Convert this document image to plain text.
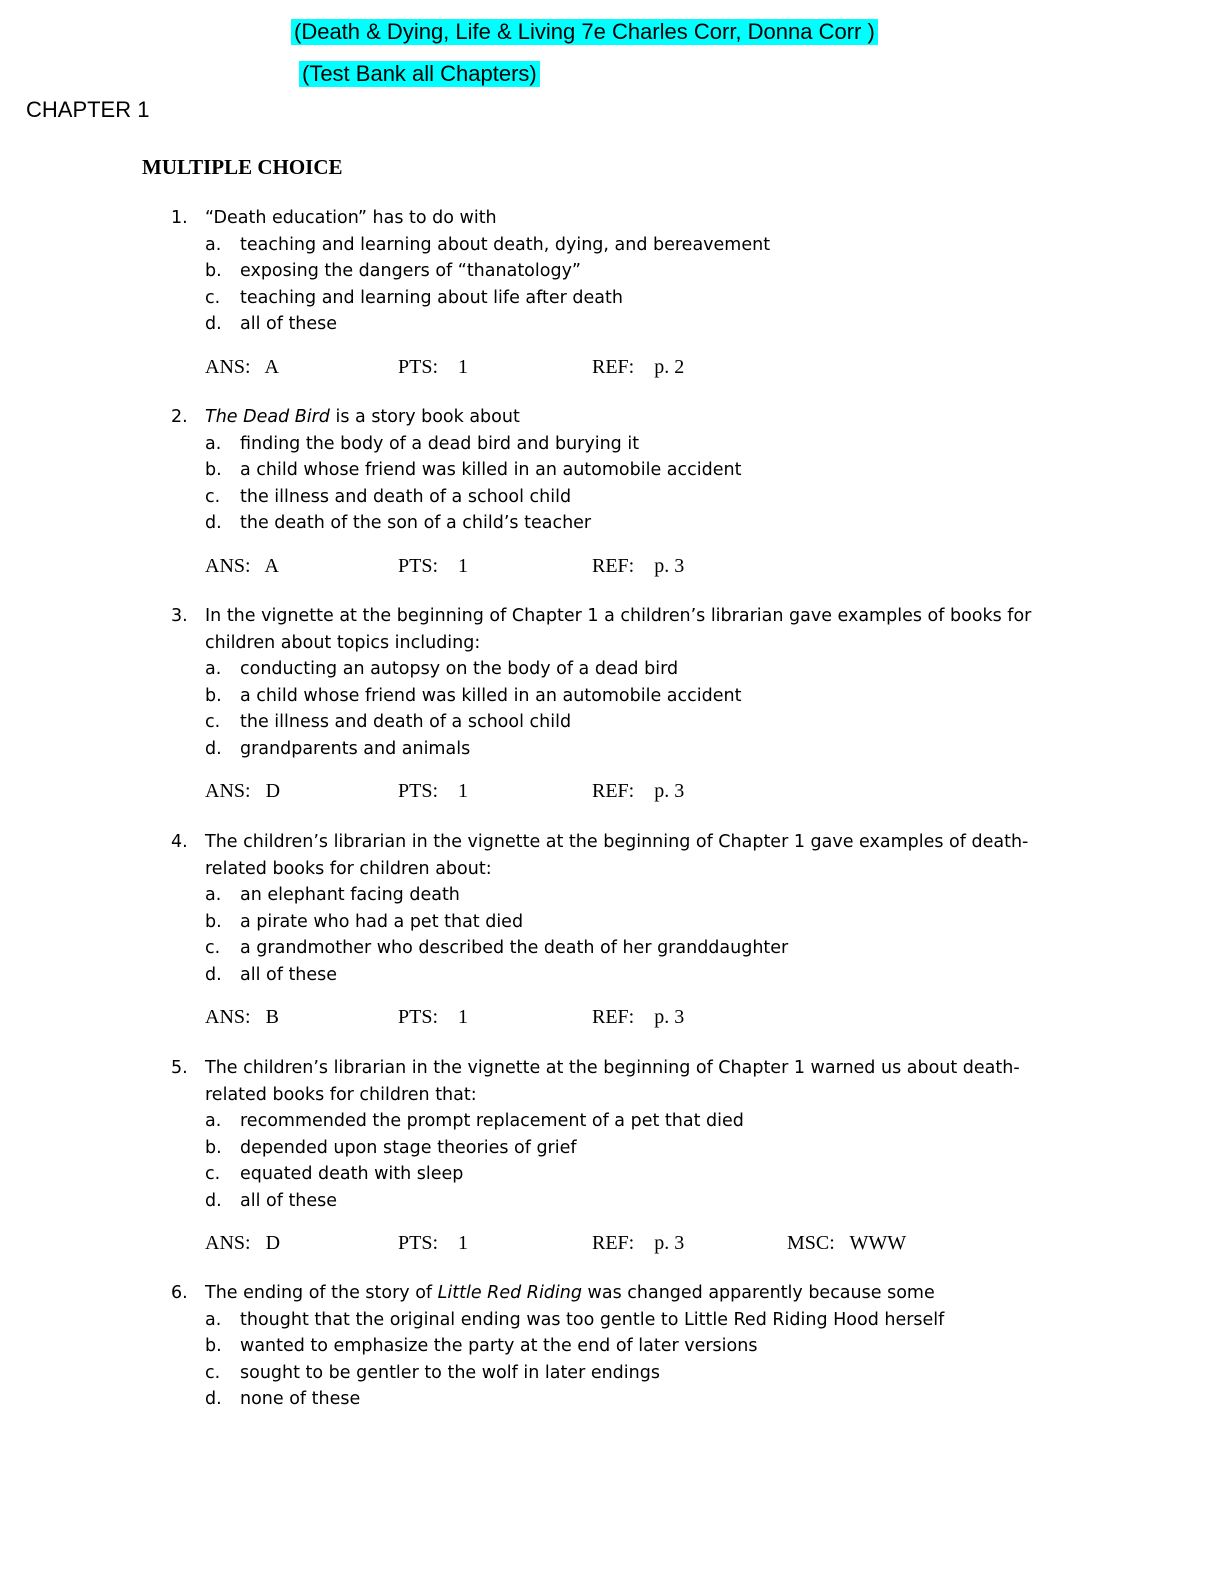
(Death & Dying, Life & Living 7e Charles Corr, Donna Corr )
(Test Bank all Chapters)
CHAPTER 1
MULTIPLE CHOICE
1. “Death education” has to do with
a. teaching and learning about death, dying, and bereavement
b. exposing the dangers of “thanatology”
c. teaching and learning about life after death
d. all of these
ANS:   A	PTS:    1	REF:    p. 2
2. The Dead Bird is a story book about
a. finding the body of a dead bird and burying it
b. a child whose friend was killed in an automobile accident
c. the illness and death of a school child
d. the death of the son of a child’s teacher
ANS:   A	PTS:    1	REF:    p. 3
3. In the vignette at the beginning of Chapter 1 a children’s librarian gave examples of books for children about topics including:
a. conducting an autopsy on the body of a dead bird
b. a child whose friend was killed in an automobile accident
c. the illness and death of a school child
d. grandparents and animals
ANS:   D	PTS:    1	REF:    p. 3
4. The children’s librarian in the vignette at the beginning of Chapter 1 gave examples of death-related books for children about:
a. an elephant facing death
b. a pirate who had a pet that died
c. a grandmother who described the death of her granddaughter
d. all of these
ANS:   B	PTS:    1	REF:    p. 3
5. The children’s librarian in the vignette at the beginning of Chapter 1 warned us about death-related books for children that:
a. recommended the prompt replacement of a pet that died
b. depended upon stage theories of grief
c. equated death with sleep
d. all of these
ANS:   D	PTS:    1	REF:    p. 3	MSC:   WWW
6. The ending of the story of Little Red Riding was changed apparently because some
a. thought that the original ending was too gentle to Little Red Riding Hood herself
b. wanted to emphasize the party at the end of later versions
c. sought to be gentler to the wolf in later endings
d. none of these
